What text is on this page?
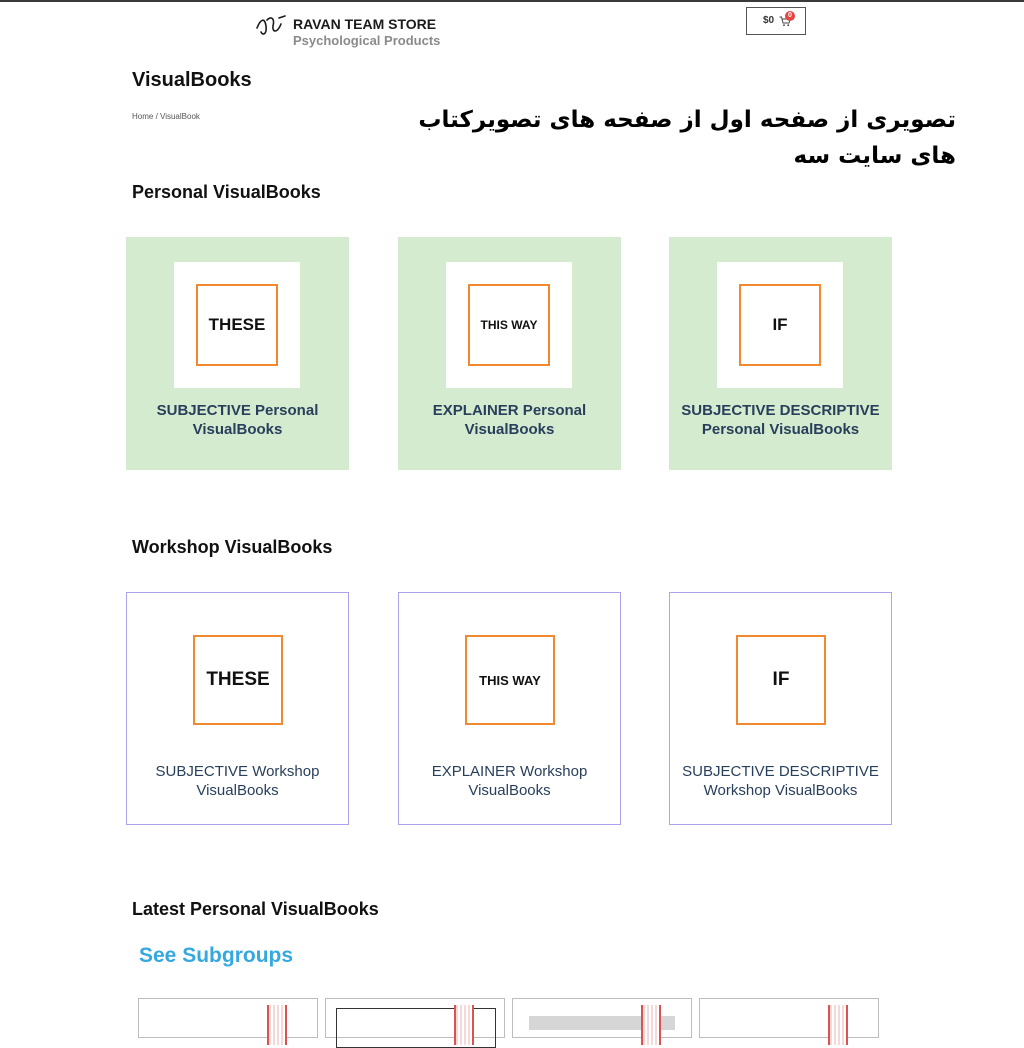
RAVAN TEAM STORE
Psychological Products
$0	0
VisualBooks
Home / VisualBook	تصویری از صفحه اول از صفحه های تصویرکتاب های سایت سه

Personal VisualBooks
THESE
SUBJECTIVE Personal VisualBooks
THIS WAY
EXPLAINER Personal VisualBooks
IF
SUBJECTIVE DESCRIPTIVE Personal VisualBooks
Workshop VisualBooks
THESE
SUBJECTIVE Workshop VisualBooks
THIS WAY
EXPLAINER Workshop VisualBooks
IF
SUBJECTIVE DESCRIPTIVE Workshop VisualBooks
Latest Personal VisualBooks
See Subgroups
